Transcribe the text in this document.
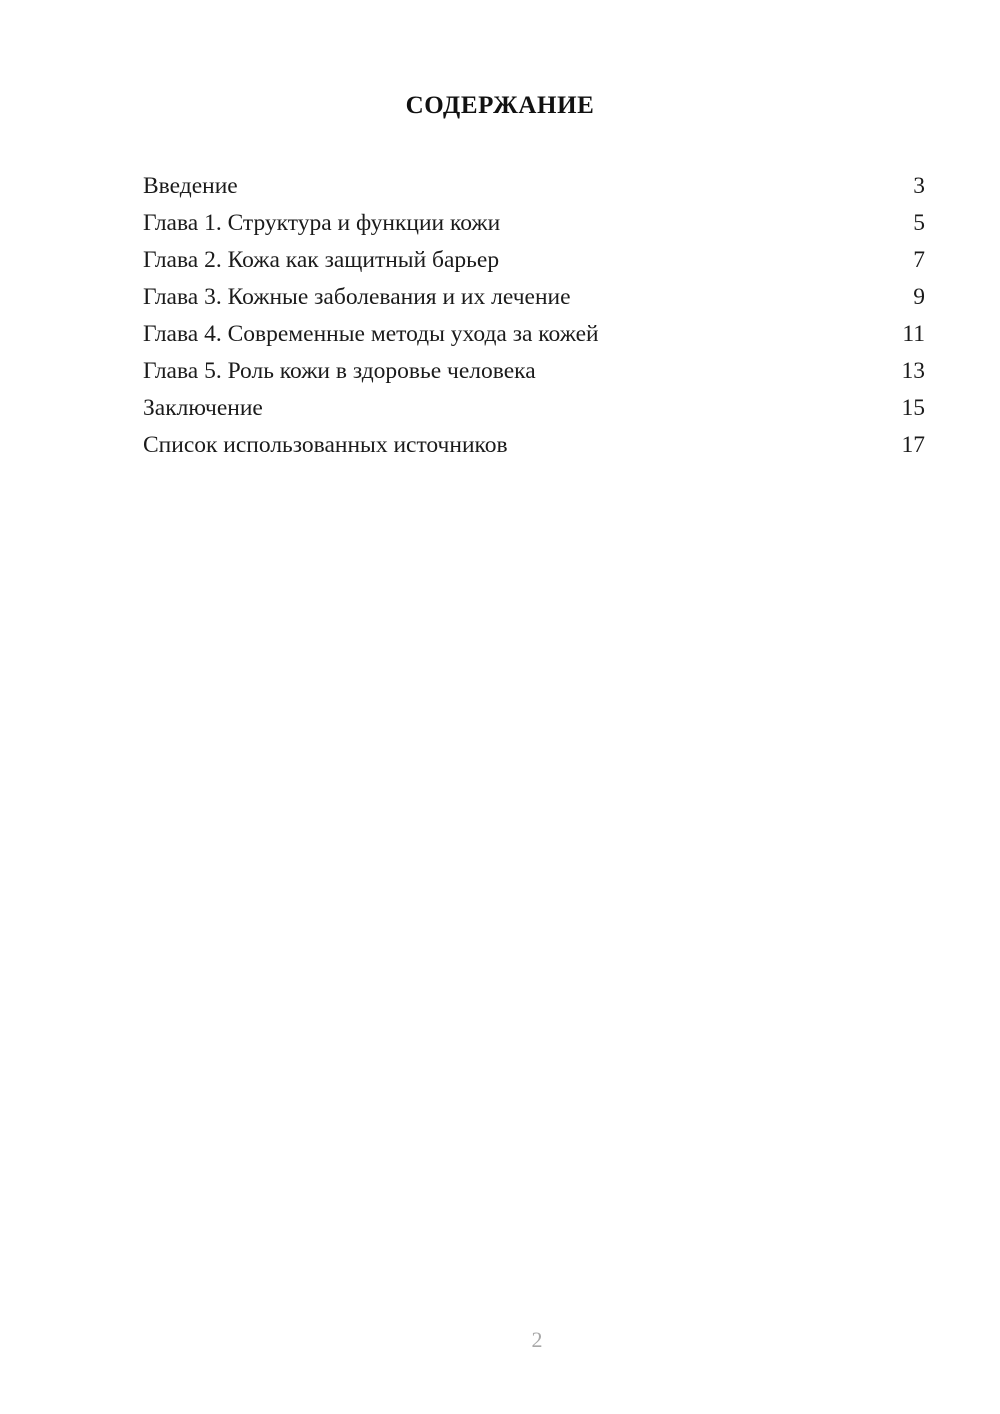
СОДЕРЖАНИЕ
Введение	3
Глава 1. Структура и функции кожи	5
Глава 2. Кожа как защитный барьер	7
Глава 3. Кожные заболевания и их лечение	9
Глава 4. Современные методы ухода за кожей	11
Глава 5. Роль кожи в здоровье человека	13
Заключение	15
Список использованных источников	17
2
